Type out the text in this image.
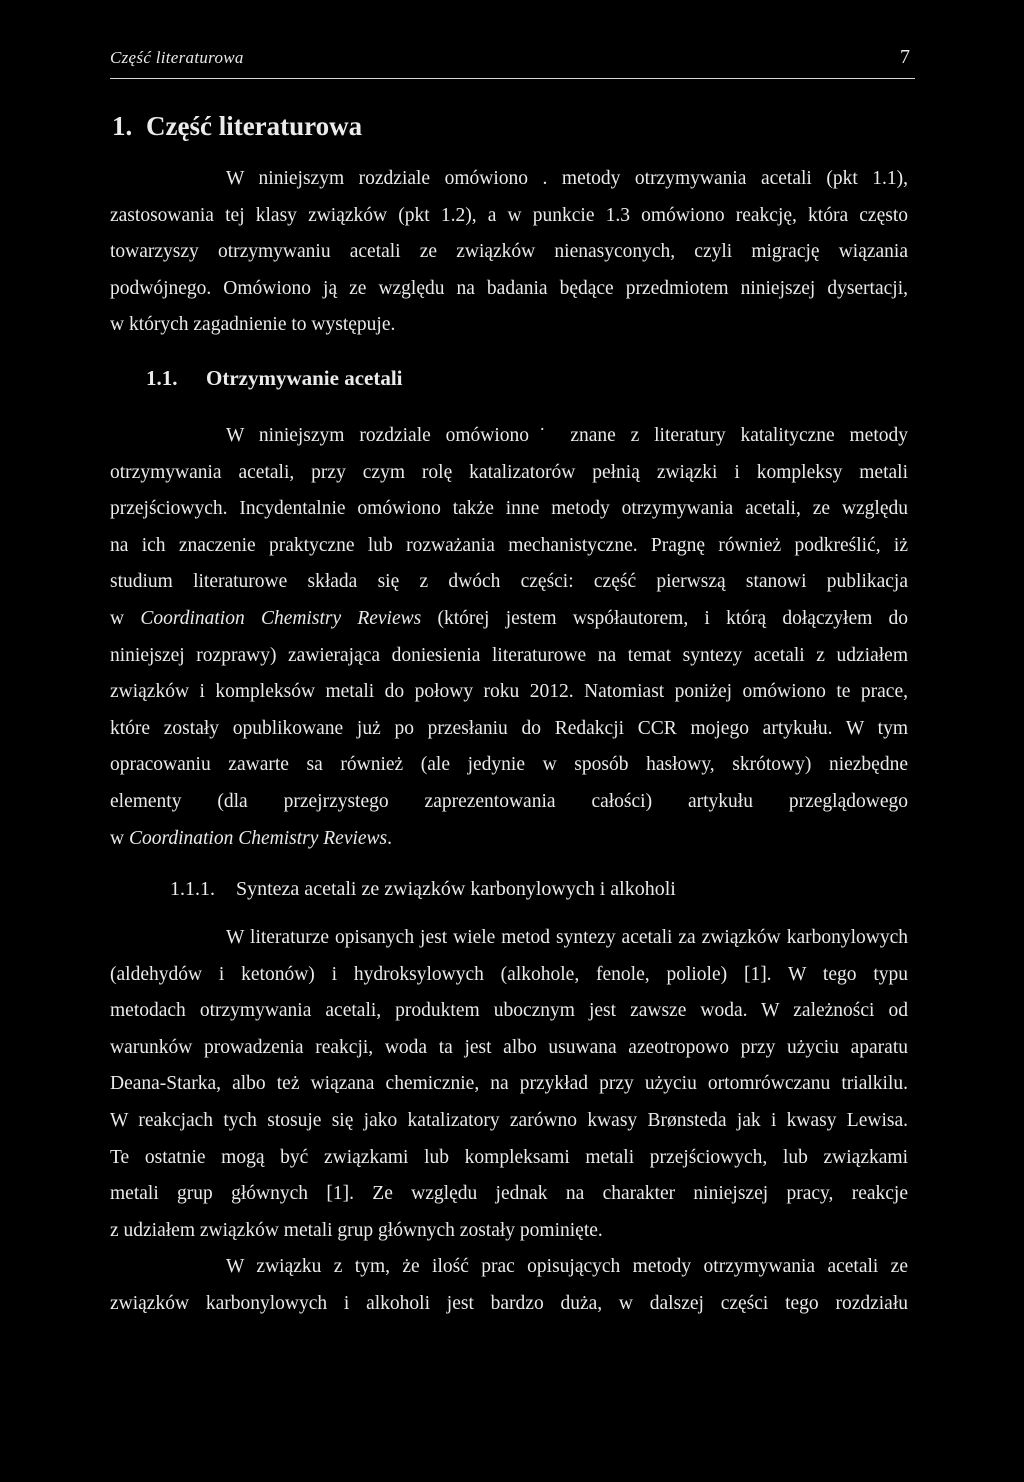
Część literaturowa	7
1. Część literaturowa
W niniejszym rozdziale omówiono . metody otrzymywania acetali (pkt 1.1),
zastosowania tej klasy związków (pkt 1.2), a w punkcie 1.3 omówiono reakcję, która często
towarzyszy otrzymywaniu acetali ze związków nienasyconych, czyli migrację wiązania
podwójnego. Omówiono ją ze względu na badania będące przedmiotem niniejszej dysertacji,
w których zagadnienie to występuje.
1.1. Otrzymywanie acetali
W niniejszym rozdziale omówiono˙ znane z literatury katalityczne metody
otrzymywania acetali, przy czym rolę katalizatorów pełnią związki i kompleksy metali
przejściowych. Incydentalnie omówiono także inne metody otrzymywania acetali, ze względu
na ich znaczenie praktyczne lub rozważania mechanistyczne. Pragnę również podkreślić, iż
studium literaturowe składa się z dwóch części: część pierwszą stanowi publikacja
w Coordination Chemistry Reviews (której jestem współautorem, i którą dołączyłem do
niniejszej rozprawy) zawierająca doniesienia literaturowe na temat syntezy acetali z udziałem
związków i kompleksów metali do połowy roku 2012. Natomiast poniżej omówiono te prace,
które zostały opublikowane już po przesłaniu do Redakcji CCR mojego artykułu. W tym
opracowaniu zawarte sa również (ale jedynie w sposób hasłowy, skrótowy) niezbędne
elementy (dla przejrzystego zaprezentowania całości) artykułu przeglądowego
w Coordination Chemistry Reviews.
1.1.1. Synteza acetali ze związków karbonylowych i alkoholi
W literaturze opisanych jest wiele metod syntezy acetali za związków karbonylowych
(aldehydów i ketonów) i hydroksylowych (alkohole, fenole, poliole) [1]. W tego typu
metodach otrzymywania acetali, produktem ubocznym jest zawsze woda. W zależności od
warunków prowadzenia reakcji, woda ta jest albo usuwana azeotropowo przy użyciu aparatu
Deana-Starka, albo też wiązana chemicznie, na przykład przy użyciu ortomrówczanu trialkilu.
W reakcjach tych stosuje się jako katalizatory zarówno kwasy Brønsteda jak i kwasy Lewisa.
Te ostatnie mogą być związkami lub kompleksami metali przejściowych, lub związkami
metali grup głównych [1]. Ze względu jednak na charakter niniejszej pracy, reakcje
z udziałem związków metali grup głównych zostały pominięte.
W związku z tym, że ilość prac opisujących metody otrzymywania acetali ze
związków karbonylowych i alkoholi jest bardzo duża, w dalszej części tego rozdziału
